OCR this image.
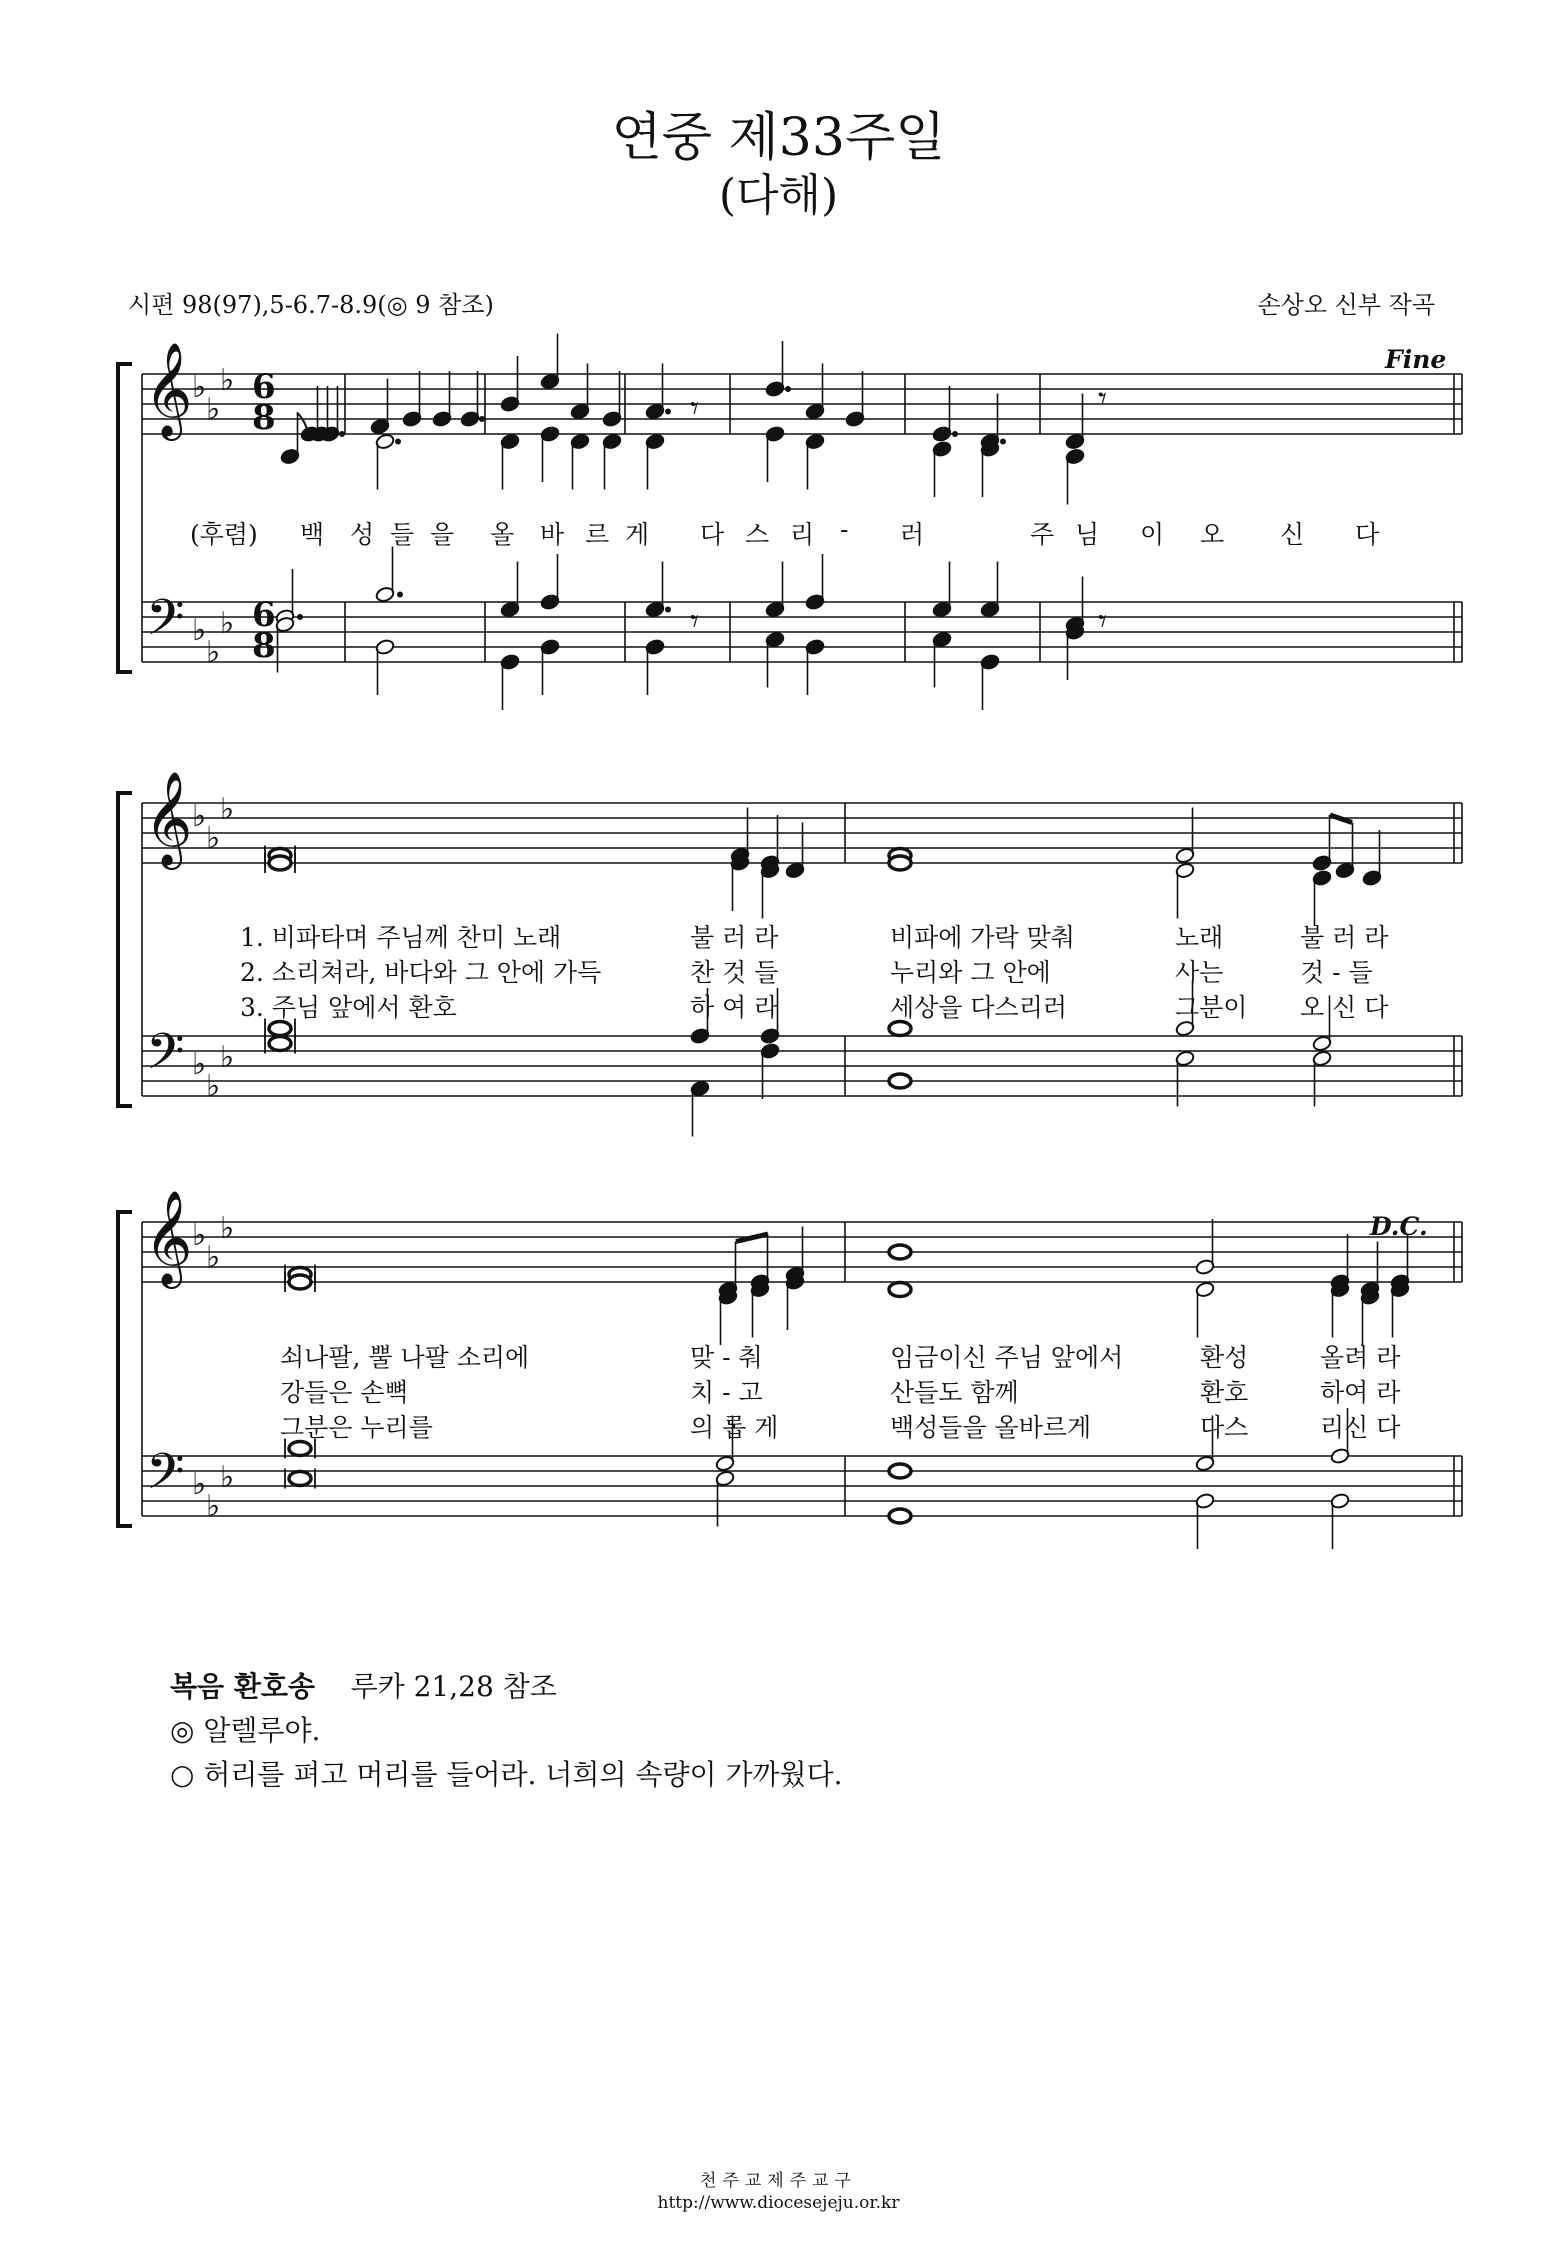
연중 제33주일
(다해)
시편 98(97),5-6.7-8.9(◎ 9 참조)	손상오 신부 작곡
𝄞
𝄢
♭
♭
♭
♭
♭
♭
𝄾	𝄾
𝄾	𝄾
𝄞
𝄢
♭
♭
♭
♭
♭
♭
𝄞
𝄢
♭
♭
♭
♭
♭
♭
Fine
D.C.
6
8
6
8
(후렴) 백 성 들 을 올 바 르 게 다 스 리 - 러	주 님 이 오 신 다
1. 비파타며 주님께 찬미 노래	불 러 라	비파에 가락 맞춰	노래	불 러 라
2. 소리쳐라, 바다와 그 안에 가득	찬 것 들	누리와 그 안에	사는	것 - 들
3. 주님 앞에서 환호	하 여 라	세상을 다스리러	그분이 오 신 다
쇠나팔, 뿔 나팔 소리에	맞 - 춰	임금이신 주님 앞에서	환성	올려 라
강들은 손뼉	치 - 고	산들도 함께	환호	하여 라
그분은 누리를	의 롭 게	백성들을 올바르게	다스	리신 다
복음 환호송 루카 21,28 참조
◎ 알렐루야.
○ 허리를 펴고 머리를 들어라. 너희의 속량이 가까웠다.
천주교제주교구
http://www.diocesejeju.or.kr
